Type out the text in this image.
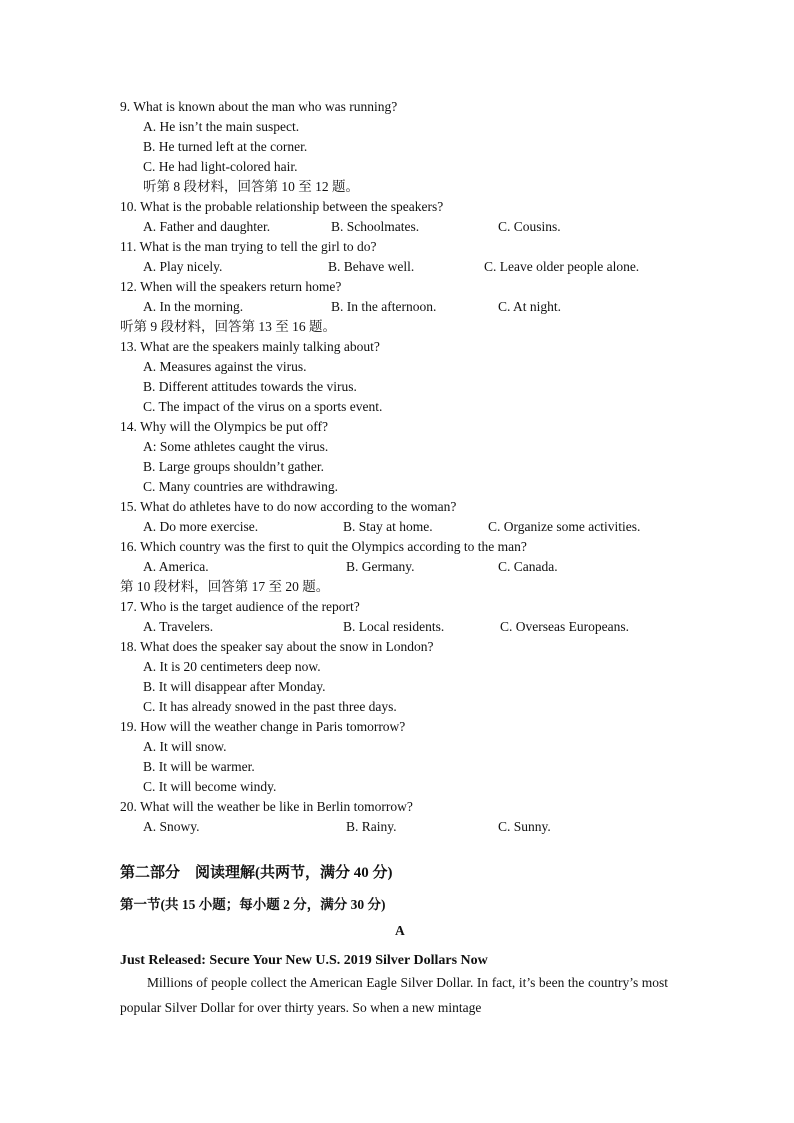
9. What is known about the man who was running?
A. He isn’t the main suspect.
B. He turned left at the corner.
C. He had light-colored hair.
听第 8 段材料，回答第 10 至 12 题。
10. What is the probable relationship between the speakers?
A. Father and daughter.	B. Schoolmates.	C. Cousins.
11. What is the man trying to tell the girl to do?
A. Play nicely.	B. Behave well.	C. Leave older people alone.
12. When will the speakers return home?
A. In the morning.	B. In the afternoon.	C. At night.
听第 9 段材料，回答第 13 至 16 题。
13. What are the speakers mainly talking about?
A. Measures against the virus.
B. Different attitudes towards the virus.
C. The impact of the virus on a sports event.
14. Why will the Olympics be put off?
A: Some athletes caught the virus.
B. Large groups shouldn’t gather.
C. Many countries are withdrawing.
15. What do athletes have to do now according to the woman?
A. Do more exercise.	B. Stay at home.	C. Organize some activities.
16. Which country was the first to quit the Olympics according to the man?
A. America.	B. Germany.	C. Canada.
第 10 段材料，回答第 17 至 20 题。
17. Who is the target audience of the report?
A. Travelers.	B. Local residents.	C. Overseas Europeans.
18. What does the speaker say about the snow in London?
A. It is 20 centimeters deep now.
B. It will disappear after Monday.
C. It has already snowed in the past three days.
19. How will the weather change in Paris tomorrow?
A. It will snow.
B. It will be warmer.
C. It will become windy.
20. What will the weather be like in Berlin tomorrow?
A. Snowy.	B. Rainy.	C. Sunny.
第二部分　阅读理解(共两节，满分 40 分)
第一节(共 15 小题；每小题 2 分，满分 30 分)
A
Just Released: Secure Your New U.S. 2019 Silver Dollars Now
Millions of people collect the American Eagle Silver Dollar. In fact, it’s been the country’s most popular Silver Dollar for over thirty years. So when a new mintage
